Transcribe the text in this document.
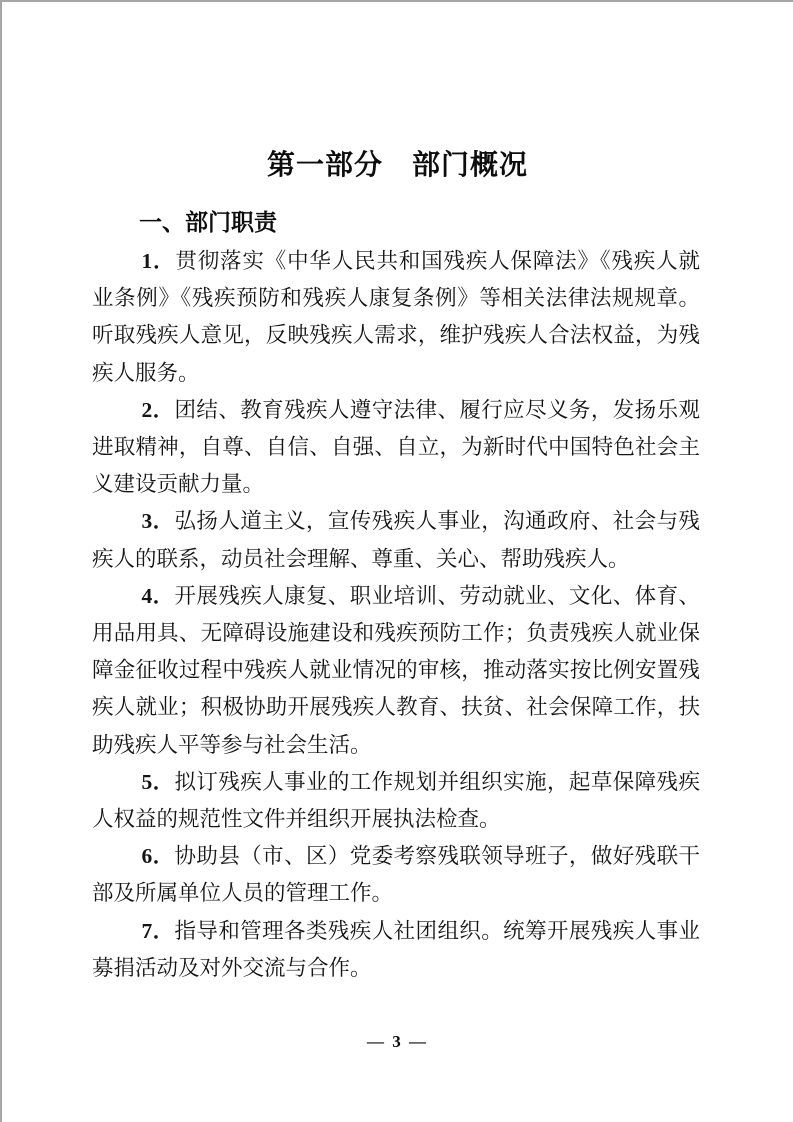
第一部分　部门概况
一、部门职责

1．贯彻落实《中华人民共和国残疾人保障法》《残疾人就业条例》《残疾预防和残疾人康复条例》等相关法律法规规章。听取残疾人意见，反映残疾人需求，维护残疾人合法权益，为残疾人服务。

2．团结、教育残疾人遵守法律、履行应尽义务，发扬乐观进取精神，自尊、自信、自强、自立，为新时代中国特色社会主义建设贡献力量。

3．弘扬人道主义，宣传残疾人事业，沟通政府、社会与残疾人的联系，动员社会理解、尊重、关心、帮助残疾人。

4．开展残疾人康复、职业培训、劳动就业、文化、体育、用品用具、无障碍设施建设和残疾预防工作；负责残疾人就业保障金征收过程中残疾人就业情况的审核，推动落实按比例安置残疾人就业；积极协助开展残疾人教育、扶贫、社会保障工作，扶助残疾人平等参与社会生活。

5．拟订残疾人事业的工作规划并组织实施，起草保障残疾人权益的规范性文件并组织开展执法检查。

6．协助县（市、区）党委考察残联领导班子，做好残联干部及所属单位人员的管理工作。

7．指导和管理各类残疾人社团组织。统筹开展残疾人事业募捐活动及对外交流与合作。

— 3 —
